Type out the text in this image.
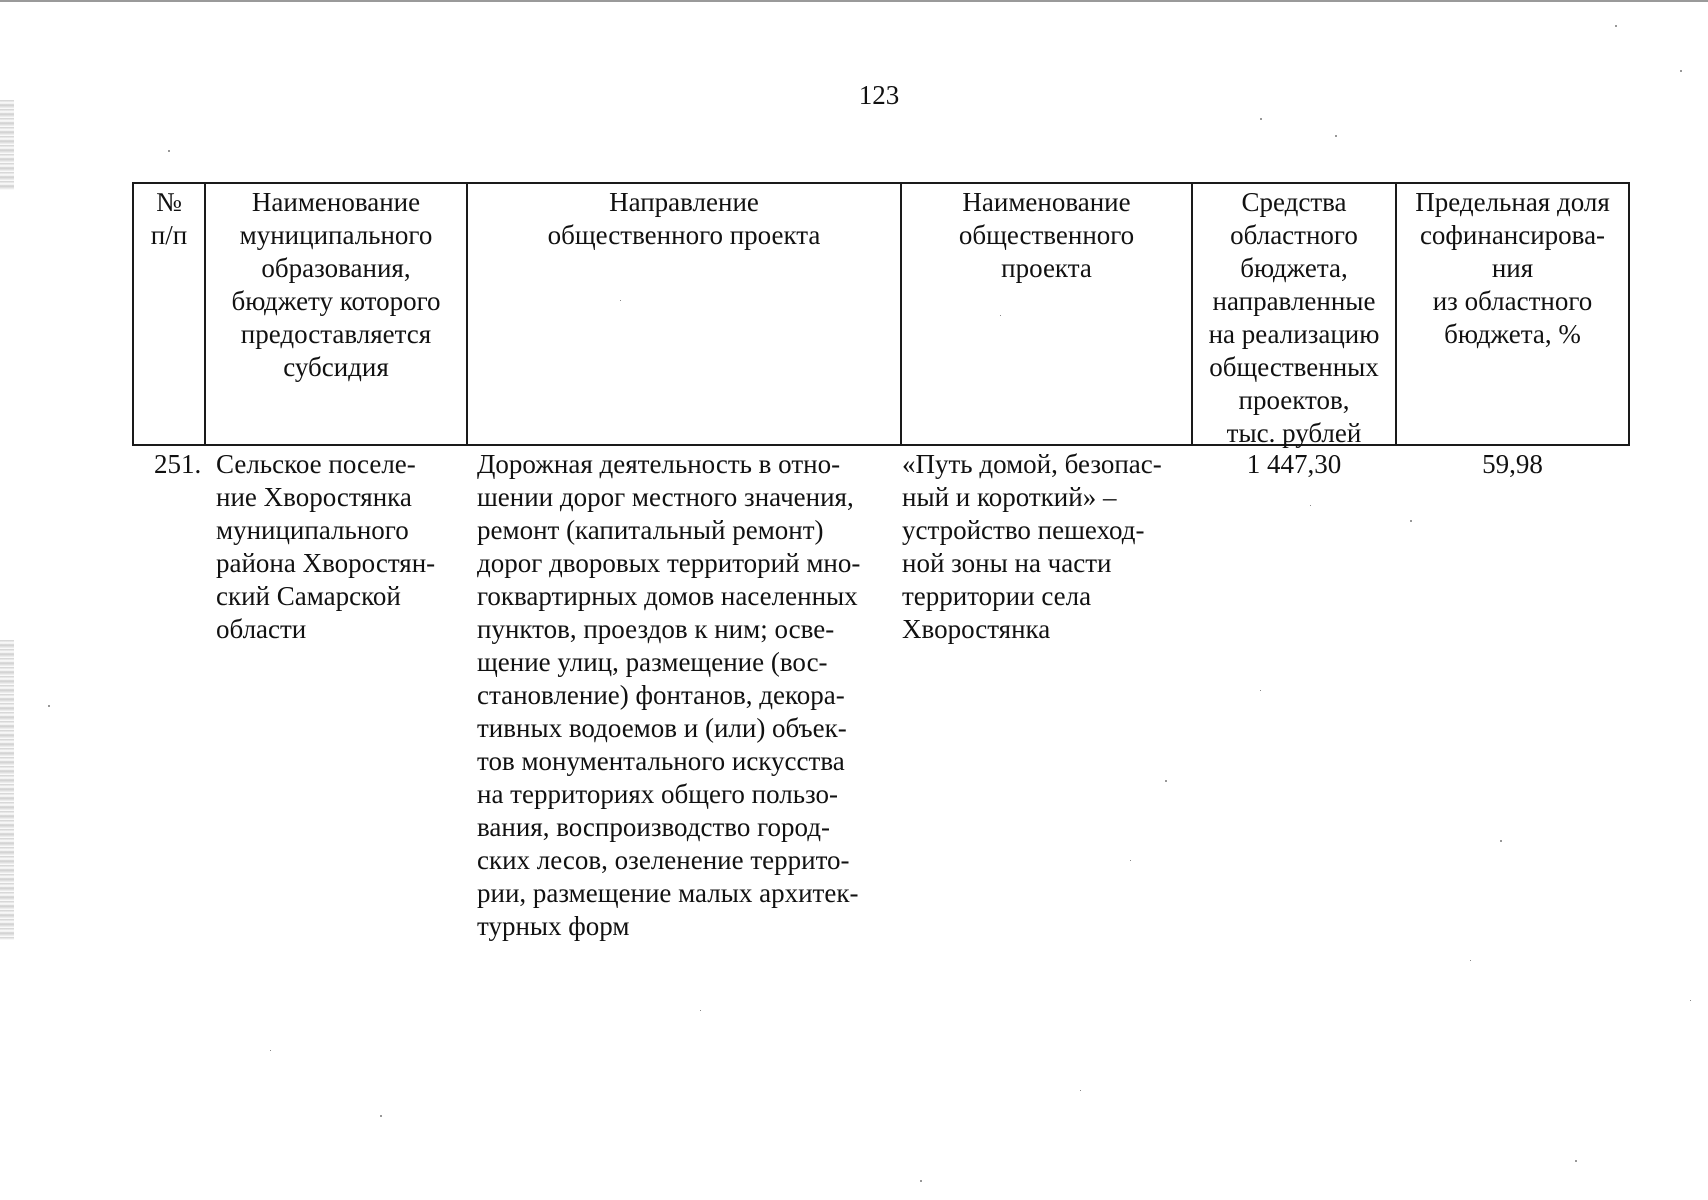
123
№
п/п
Наименование
муниципального
образования,
бюджету которого
предоставляется
субсидия
Направление
общественного проекта
Наименование
общественного
проекта
Средства
областного
бюджета,
направленные
на реализацию
общественных
проектов,
тыс. рублей
Предельная доля
софинансирова-
ния
из областного
бюджета, %
251. Сельское поселе-
ние Хворостянка
муниципального
района Хворостян-
ский Самарской
области
Дорожная деятельность в отно-
шении дорог местного значения,
ремонт (капитальный ремонт)
дорог дворовых территорий мно-
гоквартирных домов населенных
пунктов, проездов к ним; осве-
щение улиц, размещение (вос-
становление) фонтанов, декора-
тивных водоемов и (или) объек-
тов монументального искусства
на территориях общего пользо-
вания, воспроизводство город-
ских лесов, озеленение террито-
рии, размещение малых архитек-
турных форм
«Путь домой, безопас-
ный и короткий» –
устройство пешеход-
ной зоны на части
территории села
Хворостянка
1 447,30	59,98
